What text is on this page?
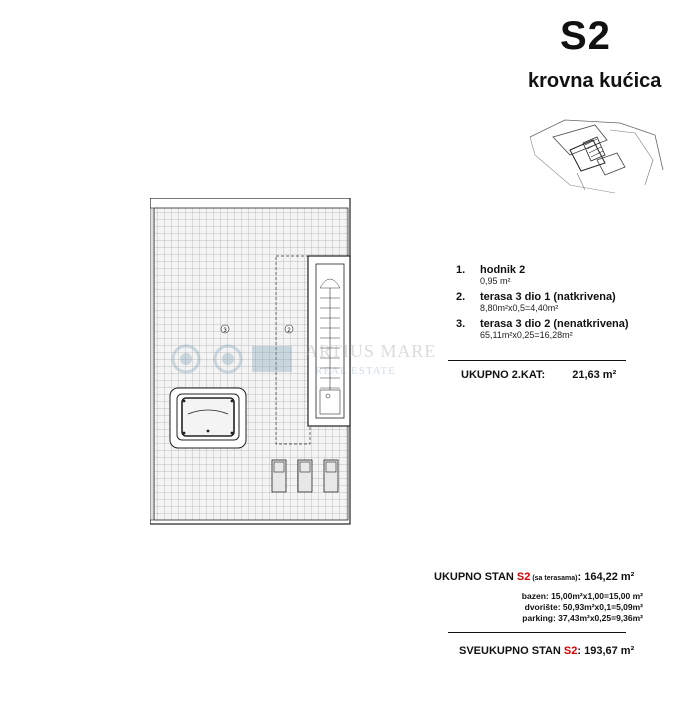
S2
krovna kućica
3	2
ARTIUS MARE
REAL ESTATE
1. hodnik 2
0,95 m²
2. terasa 3 dio 1 (natkrivena)
8,80m²x0,5=4,40m²
3. terasa 3 dio 2 (nenatkrivena)
65,11m²x0,25=16,28m²
UKUPNO 2.KAT: 21,63 m²
UKUPNO STAN S2 (sa terasama): 164,22 m²
bazen: 15,00m²x1,00=15,00 m²
dvorište: 50,93m²x0,1=5,09m²
parking: 37,43m²x0,25=9,36m²
SVEUKUPNO STAN S2: 193,67 m²
